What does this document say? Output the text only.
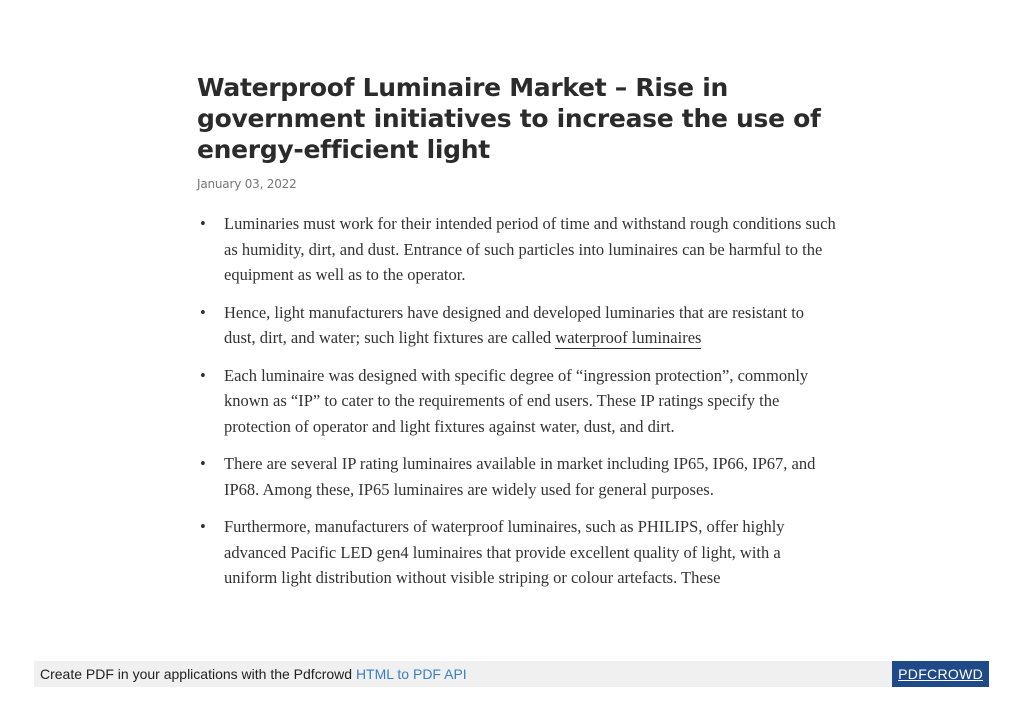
Waterproof Luminaire Market – Rise in government initiatives to increase the use of energy-efficient light
January 03, 2022
• Luminaries must work for their intended period of time and withstand rough conditions such as humidity, dirt, and dust. Entrance of such particles into luminaires can be harmful to the equipment as well as to the operator.
• Hence, light manufacturers have designed and developed luminaries that are resistant to dust, dirt, and water; such light fixtures are called waterproof luminaires
• Each luminaire was designed with specific degree of “ingression protection”, commonly known as “IP” to cater to the requirements of end users. These IP ratings specify the protection of operator and light fixtures against water, dust, and dirt.
• There are several IP rating luminaires available in market including IP65, IP66, IP67, and IP68. Among these, IP65 luminaires are widely used for general purposes.
• Furthermore, manufacturers of waterproof luminaires, such as PHILIPS, offer highly advanced Pacific LED gen4 luminaires that provide excellent quality of light, with a uniform light distribution without visible striping or colour artefacts. These
Create PDF in your applications with the Pdfcrowd HTML to PDF API	PDFCROWD
